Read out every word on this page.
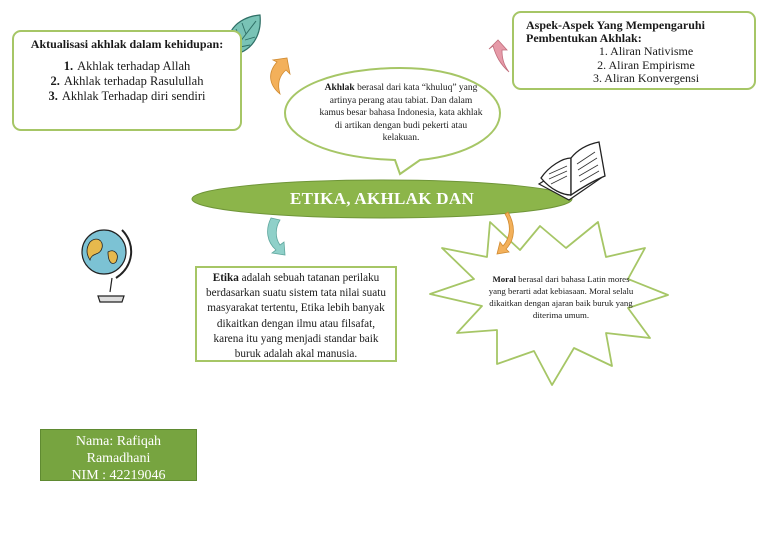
Aktualisasi akhlak dalam kehidupan:
1. Akhlak terhadap Allah
2. Akhlak terhadap Rasulullah
3. Akhlak Terhadap diri sendiri
Aspek-Aspek Yang Mempengaruhi Pembentukan Akhlak:
1. Aliran Nativisme
2. Aliran Empirisme
3. Aliran Konvergensi
Akhlak berasal dari kata “khuluq” yang artinya perang atau tabiat. Dan dalam kamus besar bahasa Indonesia, kata akhlak di artikan dengan budi pekerti atau kelakuan.
ETIKA, AKHLAK DAN
Etika adalah sebuah tatanan perilaku berdasarkan suatu sistem tata nilai suatu masyarakat tertentu, Etika lebih banyak dikaitkan dengan ilmu atau filsafat, karena itu yang menjadi standar baik buruk adalah akal manusia.
Moral berasal dari bahasa Latin mores yang berarti adat kebiasaan. Moral selalu dikaitkan dengan ajaran baik buruk yang diterima umum.
Nama: Rafiqah
Ramadhani
NIM : 42219046
